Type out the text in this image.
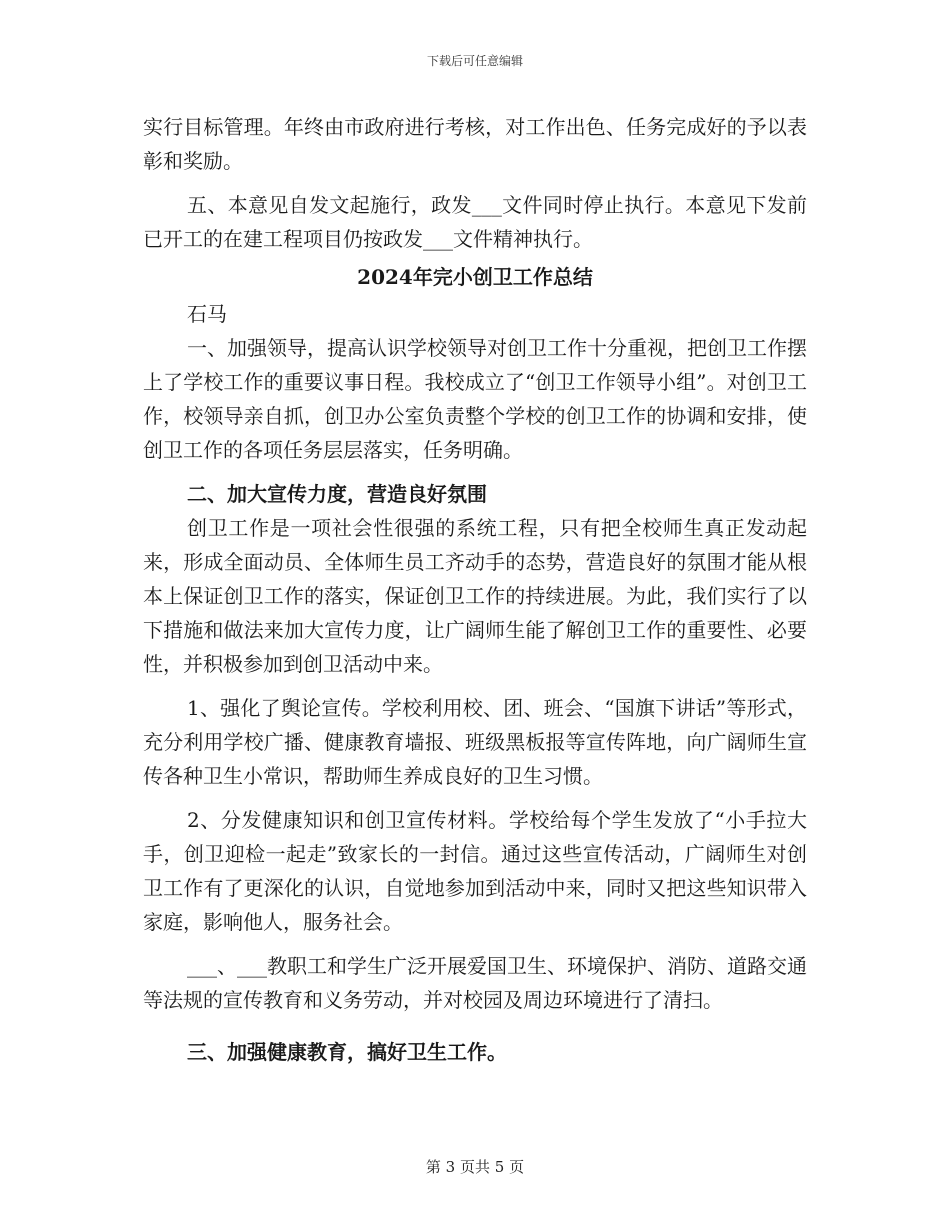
下载后可任意编辑

实行目标管理。年终由市政府进行考核，对工作出色、任务完成好的予以表彰和奖励。

五、本意见自发文起施行，政发___文件同时停止执行。本意见下发前已开工的在建工程项目仍按政发___文件精神执行。

2024年完小创卫工作总结

石马

一、加强领导，提高认识学校领导对创卫工作十分重视，把创卫工作摆上了学校工作的重要议事日程。我校成立了“创卫工作领导小组”。对创卫工作，校领导亲自抓，创卫办公室负责整个学校的创卫工作的协调和安排，使创卫工作的各项任务层层落实，任务明确。

二、加大宣传力度，营造良好氛围

创卫工作是一项社会性很强的系统工程，只有把全校师生真正发动起来，形成全面动员、全体师生员工齐动手的态势，营造良好的氛围才能从根本上保证创卫工作的落实，保证创卫工作的持续进展。为此，我们实行了以下措施和做法来加大宣传力度，让广阔师生能了解创卫工作的重要性、必要性，并积极参加到创卫活动中来。

1、强化了舆论宣传。学校利用校、团、班会、“国旗下讲话”等形式，充分利用学校广播、健康教育墙报、班级黑板报等宣传阵地，向广阔师生宣传各种卫生小常识，帮助师生养成良好的卫生习惯。

2、分发健康知识和创卫宣传材料。学校给每个学生发放了“小手拉大手，创卫迎检一起走”致家长的一封信。通过这些宣传活动，广阔师生对创卫工作有了更深化的认识，自觉地参加到活动中来，同时又把这些知识带入家庭，影响他人，服务社会。

___、___教职工和学生广泛开展爱国卫生、环境保护、消防、道路交通等法规的宣传教育和义务劳动，并对校园及周边环境进行了清扫。

三、加强健康教育，搞好卫生工作。

第 3 页共 5 页
